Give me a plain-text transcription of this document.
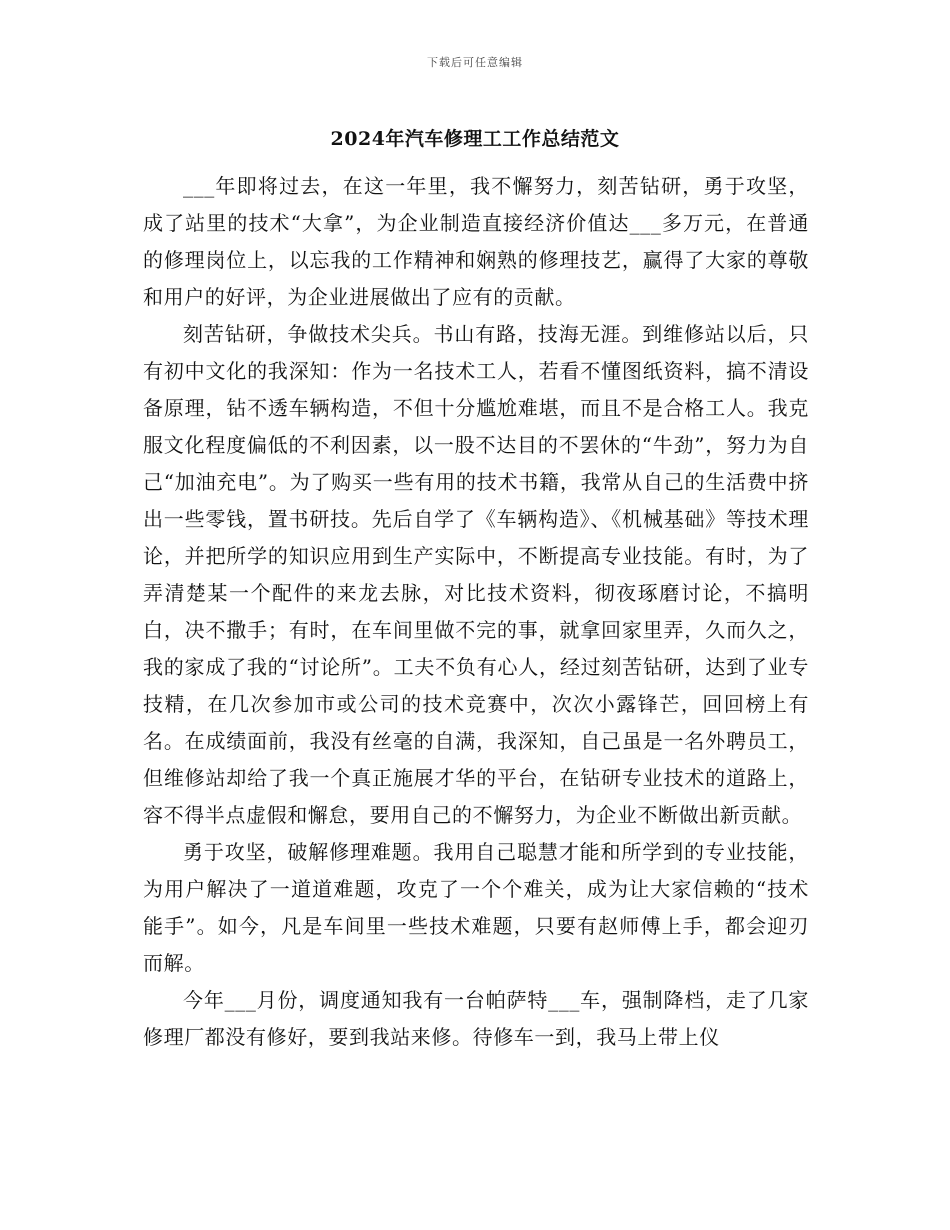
下载后可任意编辑
2024年汽车修理工工作总结范文

___年即将过去，在这一年里，我不懈努力，刻苦钻研，勇于攻坚，成了站里的技术“大拿”，为企业制造直接经济价值达___多万元，在普通的修理岗位上，以忘我的工作精神和娴熟的修理技艺，赢得了大家的尊敬和用户的好评，为企业进展做出了应有的贡献。

刻苦钻研，争做技术尖兵。书山有路，技海无涯。到维修站以后，只有初中文化的我深知：作为一名技术工人，若看不懂图纸资料，搞不清设备原理，钻不透车辆构造，不但十分尴尬难堪，而且不是合格工人。我克服文化程度偏低的不利因素，以一股不达目的不罢休的“牛劲”，努力为自己“加油充电”。为了购买一些有用的技术书籍，我常从自己的生活费中挤出一些零钱，置书研技。先后自学了《车辆构造》、《机械基础》等技术理论，并把所学的知识应用到生产实际中，不断提高专业技能。有时，为了弄清楚某一个配件的来龙去脉，对比技术资料，彻夜琢磨讨论，不搞明白，决不撒手；有时，在车间里做不完的事，就拿回家里弄，久而久之，我的家成了我的“讨论所”。工夫不负有心人，经过刻苦钻研，达到了业专技精，在几次参加市或公司的技术竞赛中，次次小露锋芒，回回榜上有名。在成绩面前，我没有丝毫的自满，我深知，自己虽是一名外聘员工，但维修站却给了我一个真正施展才华的平台，在钻研专业技术的道路上，容不得半点虚假和懈怠，要用自己的不懈努力，为企业不断做出新贡献。

勇于攻坚，破解修理难题。我用自己聪慧才能和所学到的专业技能，为用户解决了一道道难题，攻克了一个个难关，成为让大家信赖的“技术能手”。如今，凡是车间里一些技术难题，只要有赵师傅上手，都会迎刃而解。

今年___月份，调度通知我有一台帕萨特___车，强制降档，走了几家修理厂都没有修好，要到我站来修。待修车一到，我马上带上仪
